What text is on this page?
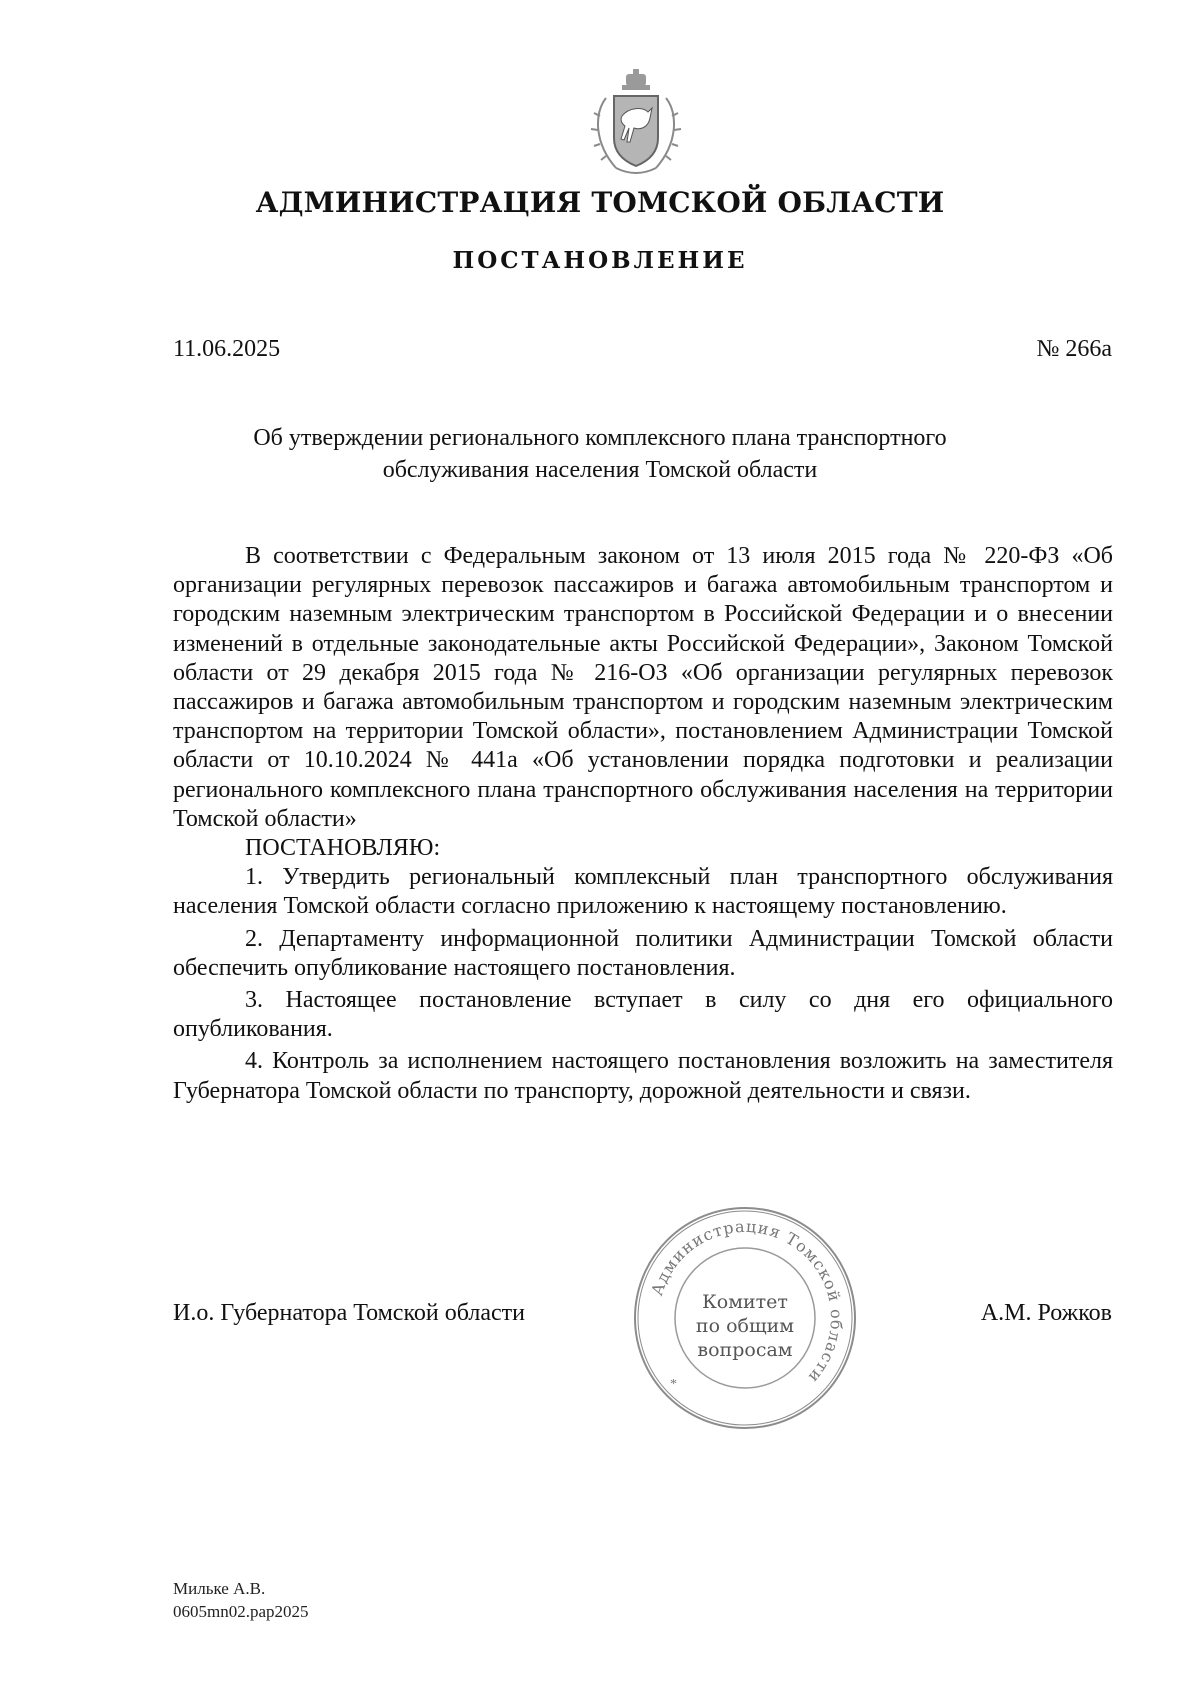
АДМИНИСТРАЦИЯ ТОМСКОЙ ОБЛАСТИ
ПОСТАНОВЛЕНИЕ
11.06.2025	№ 266а
Об утверждении регионального комплексного плана транспортного
обслуживания населения Томской области

В соответствии с Федеральным законом от 13 июля 2015 года № 220-ФЗ «Об организации регулярных перевозок пассажиров и багажа автомобильным транспортом и городским наземным электрическим транспортом в Российской Федерации и о внесении изменений в отдельные законодательные акты Российской Федерации», Законом Томской области от 29 декабря 2015 года № 216-ОЗ «Об организации регулярных перевозок пассажиров и багажа автомобильным транспортом и городским наземным электрическим транспортом на территории Томской области», постановлением Администрации Томской области от 10.10.2024 № 441а «Об установлении порядка подготовки и реализации регионального комплексного плана транспортного обслуживания населения на территории Томской области»

ПОСТАНОВЛЯЮ:

1. Утвердить региональный комплексный план транспортного обслуживания населения Томской области согласно приложению к настоящему постановлению.

2. Департаменту информационной политики Администрации Томской области обеспечить опубликование настоящего постановления.

3. Настоящее постановление вступает в силу со дня его официального опубликования.

4. Контроль за исполнением настоящего постановления возложить на заместителя Губернатора Томской области по транспорту, дорожной деятельности и связи.

И.о. Губернатора Томской области
Администрация Томской области
*
Комитет
по общим
вопросам
А.М. Рожков
Мильке А.В.
0605mn02.рар2025
